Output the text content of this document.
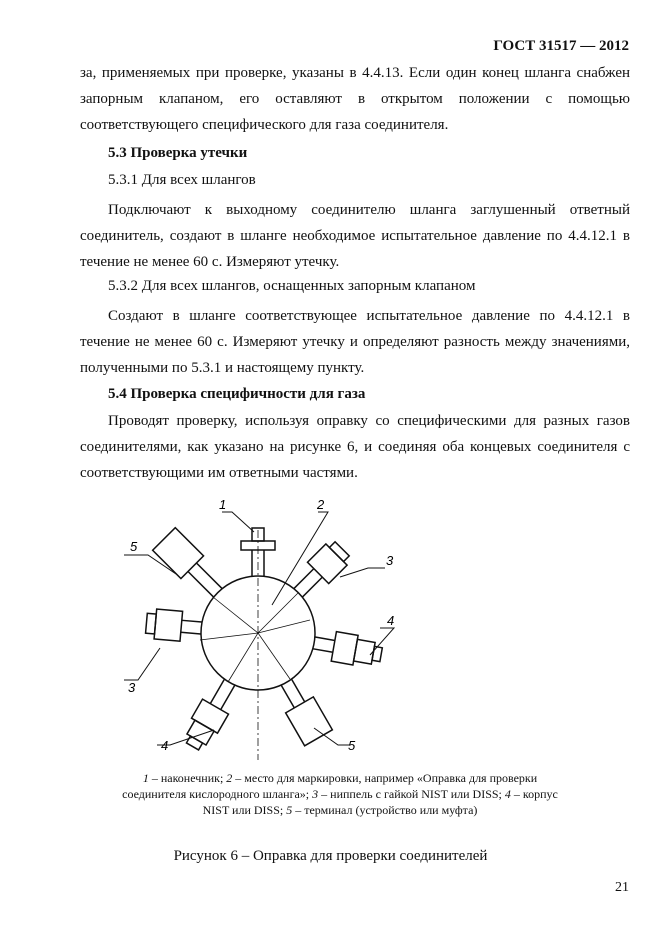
ГОСТ 31517 — 2012

за, применяемых при проверке, указаны в 4.4.13. Если один конец шланга снабжен запорным клапаном, его оставляют в открытом положении с помощью соответствующего специфического для газа соединителя.

5.3 Проверка утечки

5.3.1 Для всех шлангов

Подключают к выходному соединителю шланга заглушенный ответный соединитель, создают в шланге необходимое испытательное давление по 4.4.12.1 в течение не менее 60 с. Измеряют утечку.

5.3.2 Для всех шлангов, оснащенных запорным клапаном

Создают в шланге соответствующее испытательное давление по 4.4.12.1 в течение не менее 60 с. Измеряют утечку и определяют разность между значениями, полученными по 5.3.1 и настоящему пункту.

5.4 Проверка специфичности для газа

Проводят проверку, используя оправку со специфическими для разных газов соединителями, как указано на рисунке 6, и соединяя оба концевых соединителя с соответствующими им ответными частями.

1	2
5
3
4
3
4	5
1 – наконечник; 2 – место для маркировки, например «Оправка для проверки соединителя кислородного шланга»; 3 – ниппель с гайкой NIST или DISS; 4 – корпус NIST или DISS; 5 – терминал (устройство или муфта)
Рисунок 6 – Оправка для проверки соединителей
21
